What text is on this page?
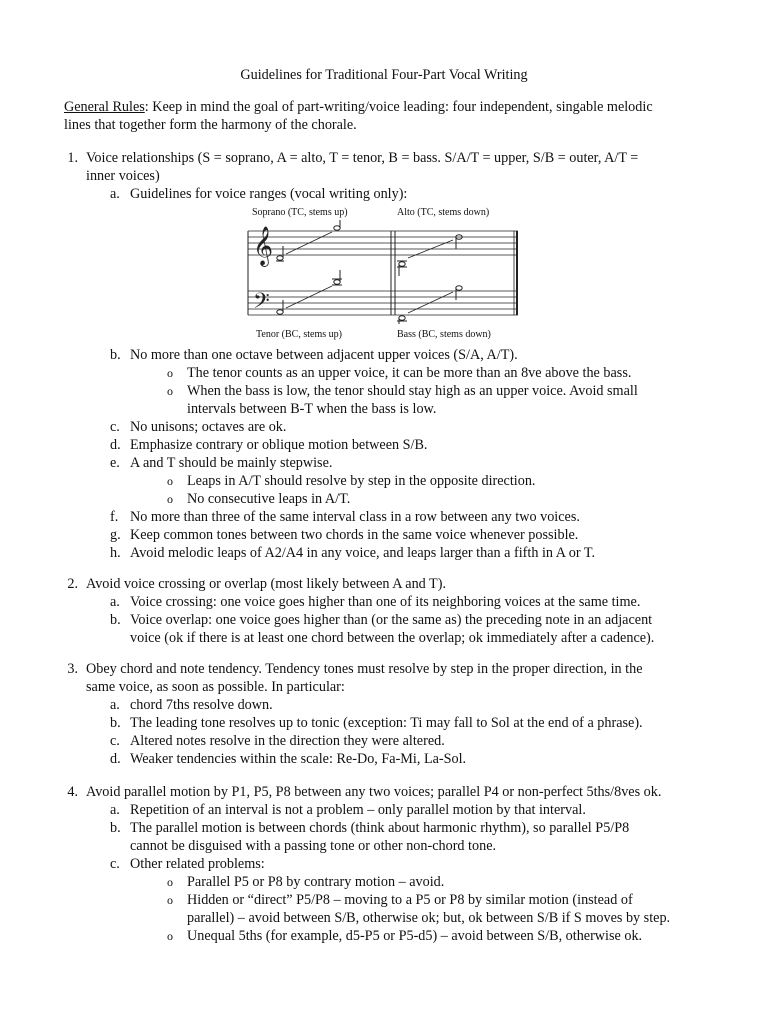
Guidelines for Traditional Four-Part Vocal Writing
General Rules: Keep in mind the goal of part-writing/voice leading: four independent, singable melodic
lines that together form the harmony of the chorale.
1. Voice relationships (S = soprano, A = alto, T = tenor, B = bass. S/A/T = upper, S/B = outer, A/T =
inner voices)
a. Guidelines for voice ranges (vocal writing only):
Soprano (TC, stems up)	Alto (TC, stems down)
𝄞
𝄢
Tenor (BC, stems up)	Bass (BC, stems down)
b. No more than one octave between adjacent upper voices (S/A, A/T).
o The tenor counts as an upper voice, it can be more than an 8ve above the bass.
o When the bass is low, the tenor should stay high as an upper voice. Avoid small
intervals between B-T when the bass is low.
c. No unisons; octaves are ok.
d. Emphasize contrary or oblique motion between S/B.
e. A and T should be mainly stepwise.
o Leaps in A/T should resolve by step in the opposite direction.
o No consecutive leaps in A/T.
f. No more than three of the same interval class in a row between any two voices.
g. Keep common tones between two chords in the same voice whenever possible.
h. Avoid melodic leaps of A2/A4 in any voice, and leaps larger than a fifth in A or T.
2. Avoid voice crossing or overlap (most likely between A and T).
a. Voice crossing: one voice goes higher than one of its neighboring voices at the same time.
b. Voice overlap: one voice goes higher than (or the same as) the preceding note in an adjacent
voice (ok if there is at least one chord between the overlap; ok immediately after a cadence).
3. Obey chord and note tendency. Tendency tones must resolve by step in the proper direction, in the
same voice, as soon as possible. In particular:
a. chord 7ths resolve down.
b. The leading tone resolves up to tonic (exception: Ti may fall to Sol at the end of a phrase).
c. Altered notes resolve in the direction they were altered.
d. Weaker tendencies within the scale: Re-Do, Fa-Mi, La-Sol.
4. Avoid parallel motion by P1, P5, P8 between any two voices; parallel P4 or non-perfect 5ths/8ves ok.
a. Repetition of an interval is not a problem – only parallel motion by that interval.
b. The parallel motion is between chords (think about harmonic rhythm), so parallel P5/P8
cannot be disguised with a passing tone or other non-chord tone.
c. Other related problems:
o Parallel P5 or P8 by contrary motion – avoid.
o Hidden or “direct” P5/P8 – moving to a P5 or P8 by similar motion (instead of
parallel) – avoid between S/B, otherwise ok; but, ok between S/B if S moves by step.
o Unequal 5ths (for example, d5-P5 or P5-d5) – avoid between S/B, otherwise ok.
